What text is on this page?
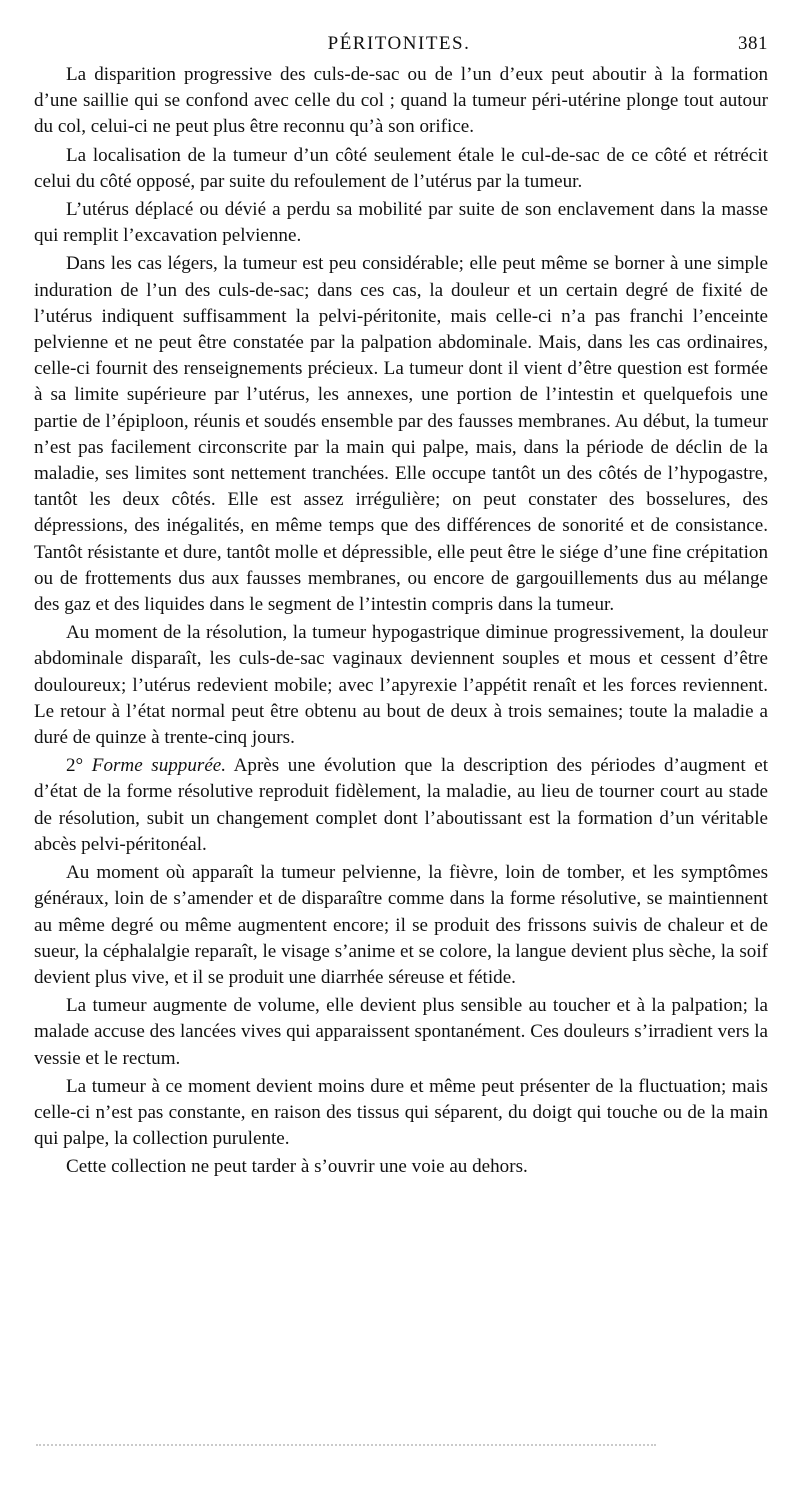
PÉRITONITES.	381

La disparition progressive des culs-de-sac ou de l’un d’eux peut aboutir à la formation d’une saillie qui se confond avec celle du col ; quand la tumeur péri-utérine plonge tout autour du col, celui-ci ne peut plus être reconnu qu’à son orifice.

La localisation de la tumeur d’un côté seulement étale le cul-de-sac de ce côté et rétrécit celui du côté opposé, par suite du refoulement de l’utérus par la tumeur.

L’utérus déplacé ou dévié a perdu sa mobilité par suite de son enclavement dans la masse qui remplit l’excavation pelvienne.

Dans les cas légers, la tumeur est peu considérable; elle peut même se borner à une simple induration de l’un des culs-de-sac; dans ces cas, la douleur et un certain degré de fixité de l’utérus indiquent suffisamment la pelvi-péritonite, mais celle-ci n’a pas franchi l’enceinte pelvienne et ne peut être constatée par la palpation abdominale. Mais, dans les cas ordinaires, celle-ci fournit des renseignements précieux. La tumeur dont il vient d’être question est formée à sa limite supérieure par l’utérus, les annexes, une portion de l’intestin et quelquefois une partie de l’épiploon, réunis et soudés ensemble par des fausses membranes. Au début, la tumeur n’est pas facilement circonscrite par la main qui palpe, mais, dans la période de déclin de la maladie, ses limites sont nettement tranchées. Elle occupe tantôt un des côtés de l’hypogastre, tantôt les deux côtés. Elle est assez irrégulière; on peut constater des bosselures, des dépressions, des inégalités, en même temps que des différences de sonorité et de consistance. Tantôt résistante et dure, tantôt molle et dépressible, elle peut être le siége d’une fine crépitation ou de frottements dus aux fausses membranes, ou encore de gargouillements dus au mélange des gaz et des liquides dans le segment de l’intestin compris dans la tumeur.

Au moment de la résolution, la tumeur hypogastrique diminue progressivement, la douleur abdominale disparaît, les culs-de-sac vaginaux deviennent souples et mous et cessent d’être douloureux; l’utérus redevient mobile; avec l’apyrexie l’appétit renaît et les forces reviennent. Le retour à l’état normal peut être obtenu au bout de deux à trois semaines; toute la maladie a duré de quinze à trente-cinq jours.

2° Forme suppurée. Après une évolution que la description des périodes d’augment et d’état de la forme résolutive reproduit fidèlement, la maladie, au lieu de tourner court au stade de résolution, subit un changement complet dont l’aboutissant est la formation d’un véritable abcès pelvi-péritonéal.

Au moment où apparaît la tumeur pelvienne, la fièvre, loin de tomber, et les symptômes généraux, loin de s’amender et de disparaître comme dans la forme résolutive, se maintiennent au même degré ou même augmentent encore; il se produit des frissons suivis de chaleur et de sueur, la céphalalgie reparaît, le visage s’anime et se colore, la langue devient plus sèche, la soif devient plus vive, et il se produit une diarrhée séreuse et fétide.

La tumeur augmente de volume, elle devient plus sensible au toucher et à la palpation; la malade accuse des lancées vives qui apparaissent spontanément. Ces douleurs s’irradient vers la vessie et le rectum.

La tumeur à ce moment devient moins dure et même peut présenter de la fluctuation; mais celle-ci n’est pas constante, en raison des tissus qui séparent, du doigt qui touche ou de la main qui palpe, la collection purulente.

Cette collection ne peut tarder à s’ouvrir une voie au dehors.
